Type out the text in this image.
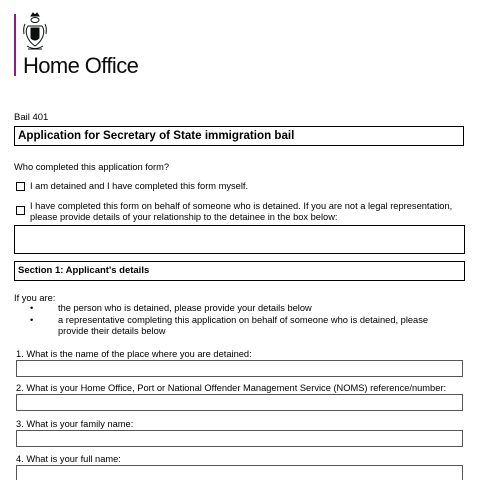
Home Office
Bail 401
Application for Secretary of State immigration bail
Who completed this application form?
I am detained and I have completed this form myself.
I have completed this form on behalf of someone who is detained. If you are not a legal representation,
please provide details of your relationship to the detainee in the box below:
Section 1: Applicant's details
If you are:
•	the person who is detained, please provide your details below
•	a representative completing this application on behalf of someone who is detained, please
provide their details below
1. What is the name of the place where you are detained:
2. What is your Home Office, Port or National Offender Management Service (NOMS) reference/number:
3. What is your family name:
4. What is your full name:
